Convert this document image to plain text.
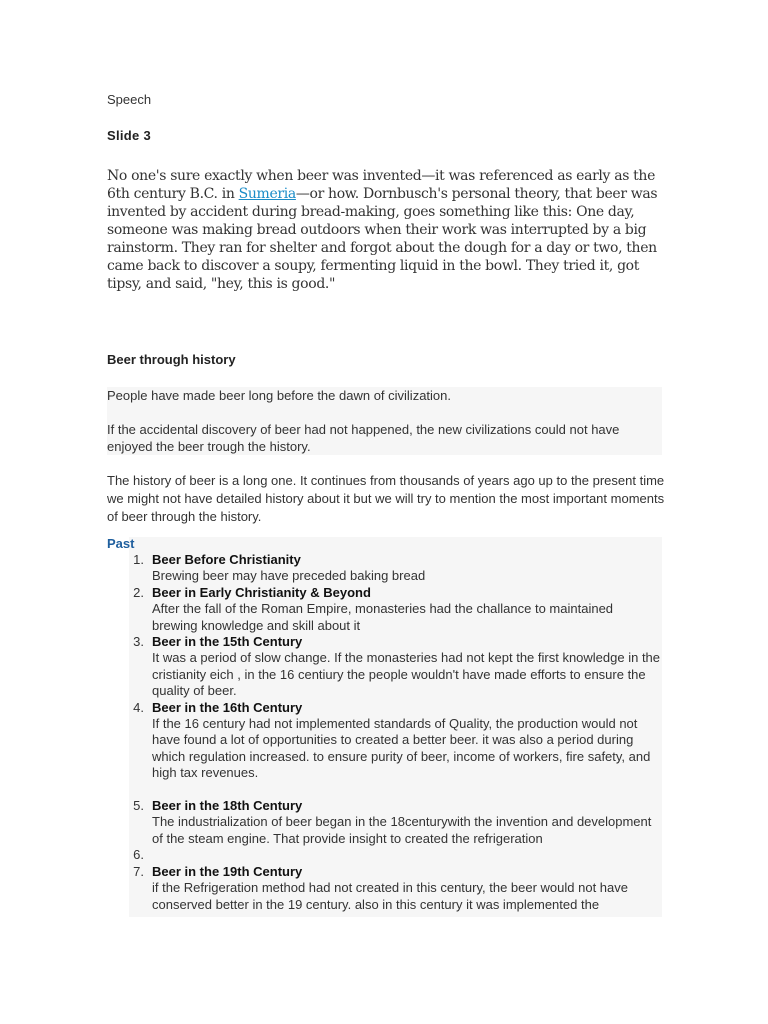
Speech
Slide 3
No one's sure exactly when beer was invented—it was referenced as early as the 6th century B.C. in Sumeria—or how. Dornbusch's personal theory, that beer was invented by accident during bread-making, goes something like this: One day, someone was making bread outdoors when their work was interrupted by a big rainstorm. They ran for shelter and forgot about the dough for a day or two, then came back to discover a soupy, fermenting liquid in the bowl. They tried it, got tipsy, and said, "hey, this is good."
Beer through history

People have made beer long before the dawn of civilization.

If the accidental discovery of beer had not happened, the new civilizations could not have enjoyed the beer trough the history.

The history of beer is a long one. It continues from thousands of years ago up to the present time we might not have detailed history about it but we will try to mention the most important moments of beer through the history.

Past
1. Beer Before Christianity
Brewing beer may have preceded baking bread
2. Beer in Early Christianity & Beyond
After the fall of the Roman Empire, monasteries had the challance to maintained brewing knowledge and skill about it
3. Beer in the 15th Century
It was a period of slow change. If the monasteries had not kept the first knowledge in the cristianity eich , in the 16 centiury the people wouldn't have made efforts to ensure the quality of beer.
4. Beer in the 16th Century
If the 16 century had not implemented standards of Quality, the production would not have found a lot of opportunities to created a better beer. it was also a period during which regulation increased. to ensure purity of beer, income of workers, fire safety, and high tax revenues.
5. Beer in the 18th Century
The industrialization of beer began in the 18centurywith the invention and development of the steam engine. That provide insight to created the refrigeration
6.
7. Beer in the 19th Century
if the Refrigeration method had not created in this century, the beer would not have conserved better in the 19 century. also in this century it was implemented the
